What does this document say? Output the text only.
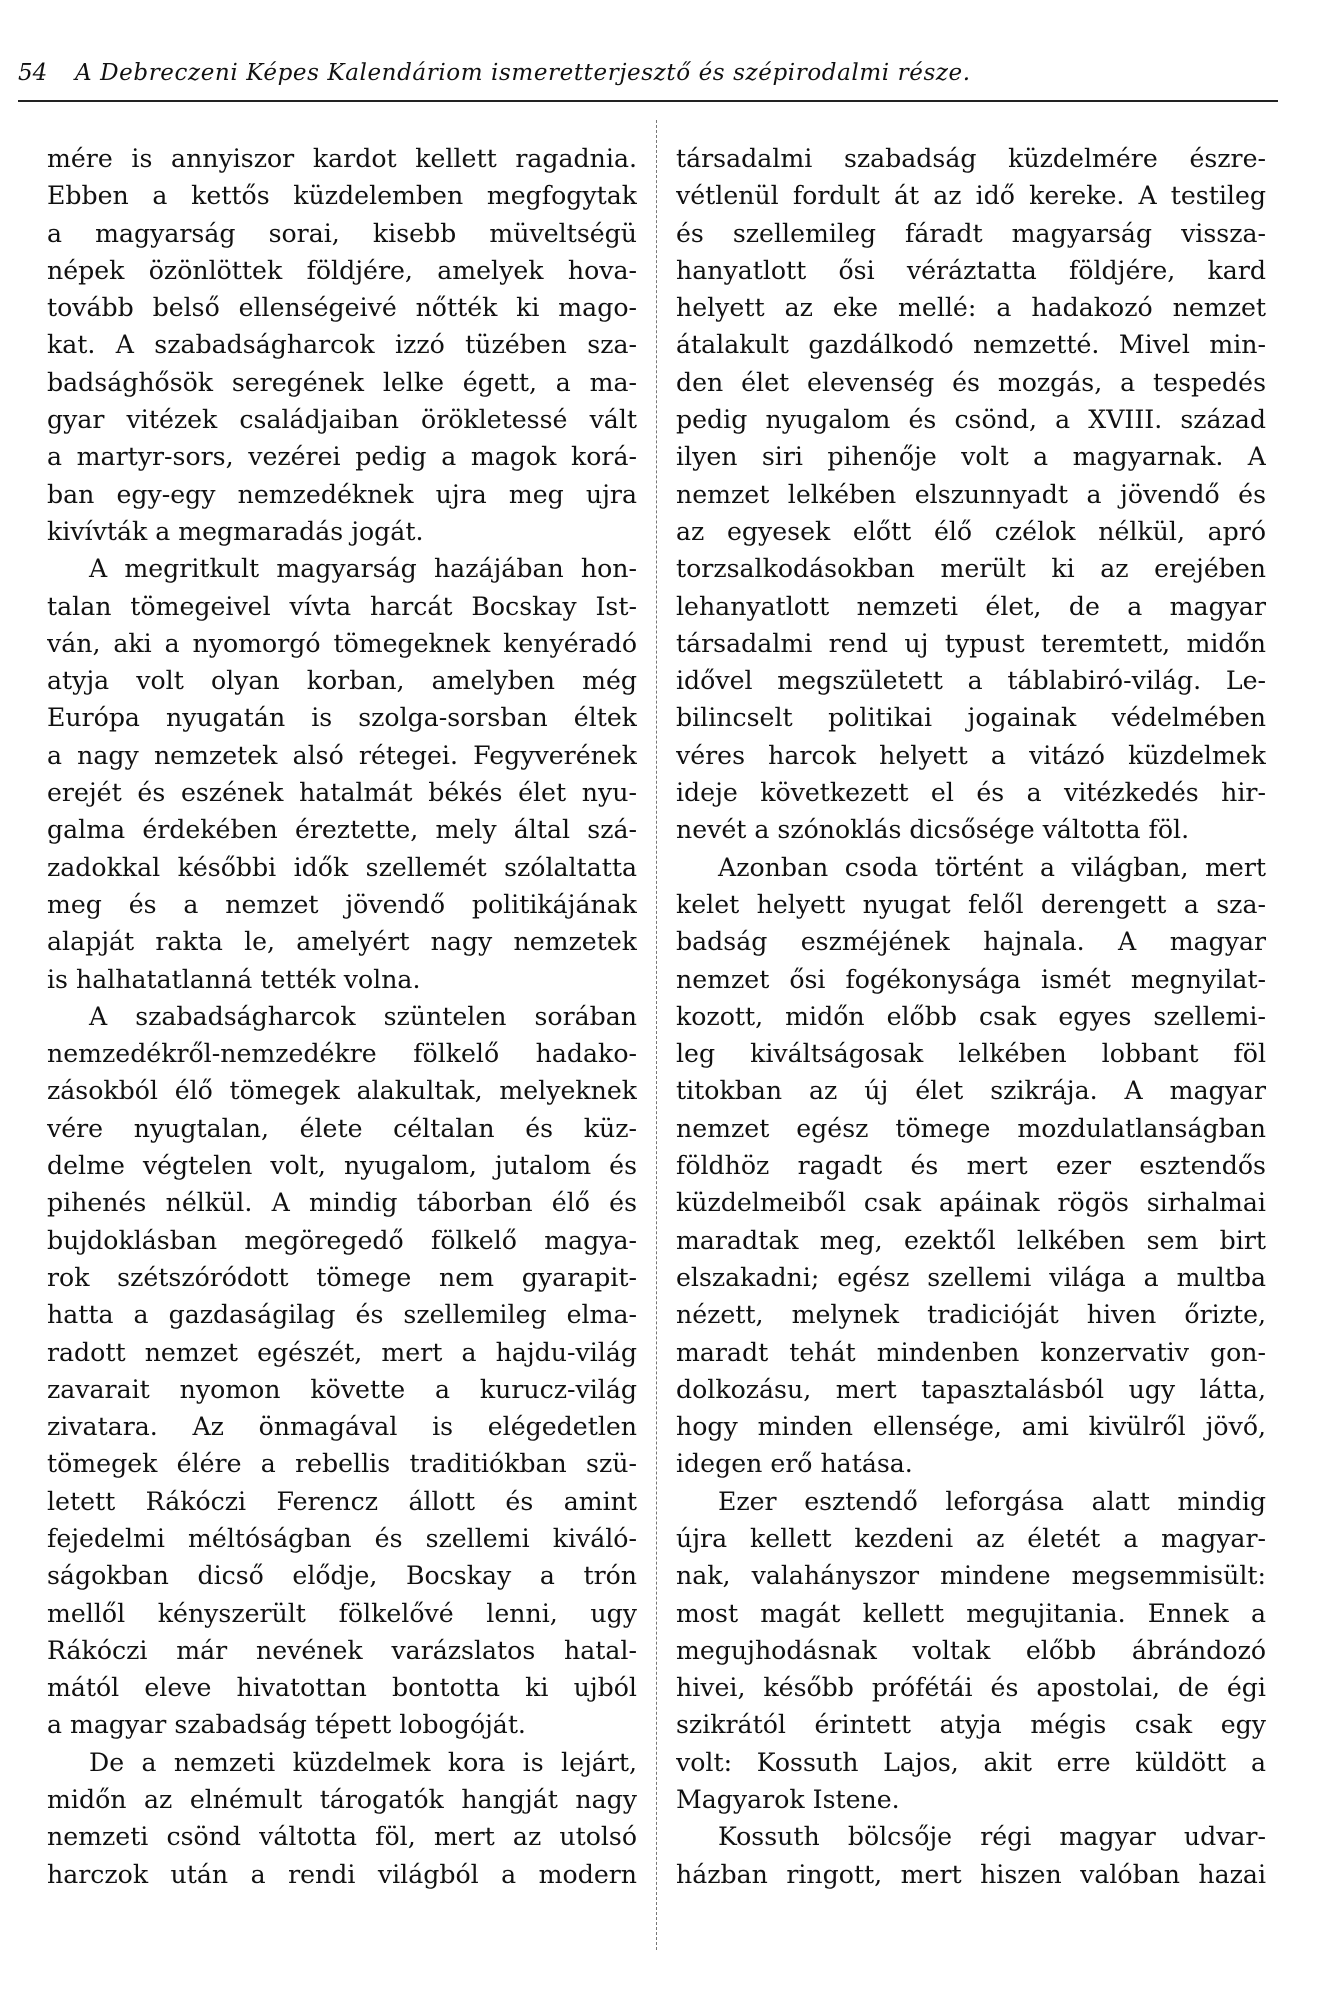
54 A Debreczeni Képes Kalendáriom ismeretterjesztő és szépirodalmi része.
mére is annyiszor kardot kellett ragadnia.
Ebben a kettős küzdelemben megfogytak
a magyarság sorai, kisebb müveltségü
népek özönlöttek földjére, amelyek hova-
tovább belső ellenségeivé nőtték ki mago-
kat. A szabadságharcok izzó tüzében sza-
badsághősök seregének lelke égett, a ma-
gyar vitézek családjaiban örökletessé vált
a martyr-sors, vezérei pedig a magok korá-
ban egy-egy nemzedéknek ujra meg ujra
kivívták a megmaradás jogát.
A megritkult magyarság hazájában hon-
talan tömegeivel vívta harcát Bocskay Ist-
ván, aki a nyomorgó tömegeknek kenyéradó
atyja volt olyan korban, amelyben még
Európa nyugatán is szolga-sorsban éltek
a nagy nemzetek alsó rétegei. Fegyverének
erejét és eszének hatalmát békés élet nyu-
galma érdekében éreztette, mely által szá-
zadokkal későbbi idők szellemét szólaltatta
meg és a nemzet jövendő politikájának
alapját rakta le, amelyért nagy nemzetek
is halhatatlanná tették volna.
A szabadságharcok szüntelen sorában
nemzedékről-nemzedékre fölkelő hadako-
zásokból élő tömegek alakultak, melyeknek
vére nyugtalan, élete céltalan és küz-
delme végtelen volt, nyugalom, jutalom és
pihenés nélkül. A mindig táborban élő és
bujdoklásban megöregedő fölkelő magya-
rok szétszóródott tömege nem gyarapit-
hatta a gazdaságilag és szellemileg elma-
radott nemzet egészét, mert a hajdu-világ
zavarait nyomon követte a kurucz-világ
zivatara. Az önmagával is elégedetlen
tömegek élére a rebellis traditiókban szü-
letett Rákóczi Ferencz állott és amint
fejedelmi méltóságban és szellemi kiváló-
ságokban dicső elődje, Bocskay a trón
mellől kényszerült fölkelővé lenni, ugy
Rákóczi már nevének varázslatos hatal-
mától eleve hivatottan bontotta ki ujból
a magyar szabadság tépett lobogóját.
De a nemzeti küzdelmek kora is lejárt,
midőn az elnémult tárogatók hangját nagy
nemzeti csönd váltotta föl, mert az utolsó
harczok után a rendi világból a modern
társadalmi szabadság küzdelmére észre-
vétlenül fordult át az idő kereke. A testileg
és szellemileg fáradt magyarság vissza-
hanyatlott ősi véráztatta földjére, kard
helyett az eke mellé: a hadakozó nemzet
átalakult gazdálkodó nemzetté. Mivel min-
den élet elevenség és mozgás, a tespedés
pedig nyugalom és csönd, a XVIII. század
ilyen siri pihenője volt a magyarnak. A
nemzet lelkében elszunnyadt a jövendő és
az egyesek előtt élő czélok nélkül, apró
torzsalkodásokban merült ki az erejében
lehanyatlott nemzeti élet, de a magyar
társadalmi rend uj typust teremtett, midőn
idővel megszületett a táblabiró-világ. Le-
bilincselt politikai jogainak védelmében
véres harcok helyett a vitázó küzdelmek
ideje következett el és a vitézkedés hir-
nevét a szónoklás dicsősége váltotta föl.
Azonban csoda történt a világban, mert
kelet helyett nyugat felől derengett a sza-
badság eszméjének hajnala. A magyar
nemzet ősi fogékonysága ismét megnyilat-
kozott, midőn előbb csak egyes szellemi-
leg kiváltságosak lelkében lobbant föl
titokban az új élet szikrája. A magyar
nemzet egész tömege mozdulatlanságban
földhöz ragadt és mert ezer esztendős
küzdelmeiből csak apáinak rögös sirhalmai
maradtak meg, ezektől lelkében sem birt
elszakadni; egész szellemi világa a multba
nézett, melynek tradicióját hiven őrizte,
maradt tehát mindenben konzervativ gon-
dolkozásu, mert tapasztalásból ugy látta,
hogy minden ellensége, ami kivülről jövő,
idegen erő hatása.
Ezer esztendő leforgása alatt mindig
újra kellett kezdeni az életét a magyar-
nak, valahányszor mindene megsemmisült:
most magát kellett megujitania. Ennek a
megujhodásnak voltak előbb ábrándozó
hivei, később prófétái és apostolai, de égi
szikrától érintett atyja mégis csak egy
volt: Kossuth Lajos, akit erre küldött a
Magyarok Istene.
Kossuth bölcsője régi magyar udvar-
házban ringott, mert hiszen valóban hazai
